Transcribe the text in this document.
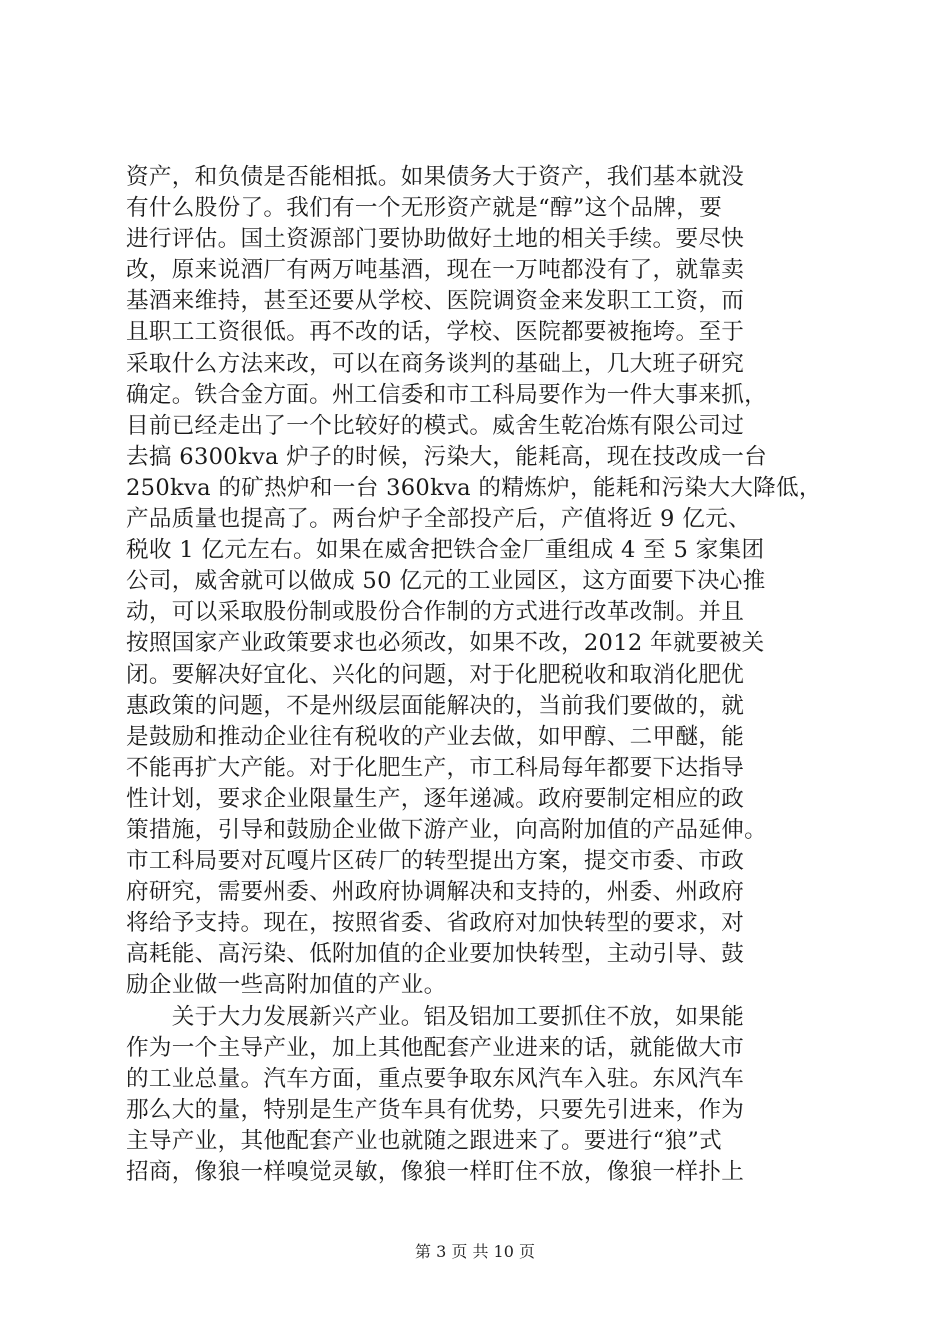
资产，和负债是否能相抵。如果债务大于资产，我们基本就没
有什么股份了。我们有一个无形资产就是“醇”这个品牌，要
进行评估。国土资源部门要协助做好土地的相关手续。要尽快
改，原来说酒厂有两万吨基酒，现在一万吨都没有了，就靠卖
基酒来维持，甚至还要从学校、医院调资金来发职工工资，而
且职工工资很低。再不改的话，学校、医院都要被拖垮。至于
采取什么方法来改，可以在商务谈判的基础上，几大班子研究
确定。铁合金方面。州工信委和市工科局要作为一件大事来抓，
目前已经走出了一个比较好的模式。威舍生乾冶炼有限公司过
去搞 6300kva 炉子的时候，污染大，能耗高，现在技改成一台
250kva 的矿热炉和一台 360kva 的精炼炉，能耗和污染大大降低，
产品质量也提高了。两台炉子全部投产后，产值将近 9 亿元、
税收 1 亿元左右。如果在威舍把铁合金厂重组成 4 至 5 家集团
公司，威舍就可以做成 50 亿元的工业园区，这方面要下决心推
动，可以采取股份制或股份合作制的方式进行改革改制。并且
按照国家产业政策要求也必须改，如果不改，2012 年就要被关
闭。要解决好宜化、兴化的问题，对于化肥税收和取消化肥优
惠政策的问题，不是州级层面能解决的，当前我们要做的，就
是鼓励和推动企业往有税收的产业去做，如甲醇、二甲醚，能
不能再扩大产能。对于化肥生产，市工科局每年都要下达指导
性计划，要求企业限量生产，逐年递减。政府要制定相应的政
策措施，引导和鼓励企业做下游产业，向高附加值的产品延伸。
市工科局要对瓦嘎片区砖厂的转型提出方案，提交市委、市政
府研究，需要州委、州政府协调解决和支持的，州委、州政府
将给予支持。现在，按照省委、省政府对加快转型的要求，对
高耗能、高污染、低附加值的企业要加快转型，主动引导、鼓
励企业做一些高附加值的产业。
　　关于大力发展新兴产业。铝及铝加工要抓住不放，如果能
作为一个主导产业，加上其他配套产业进来的话，就能做大市
的工业总量。汽车方面，重点要争取东风汽车入驻。东风汽车
那么大的量，特别是生产货车具有优势，只要先引进来，作为
主导产业，其他配套产业也就随之跟进来了。要进行“狼”式
招商，像狼一样嗅觉灵敏，像狼一样盯住不放，像狼一样扑上
第 3 页 共 10 页
